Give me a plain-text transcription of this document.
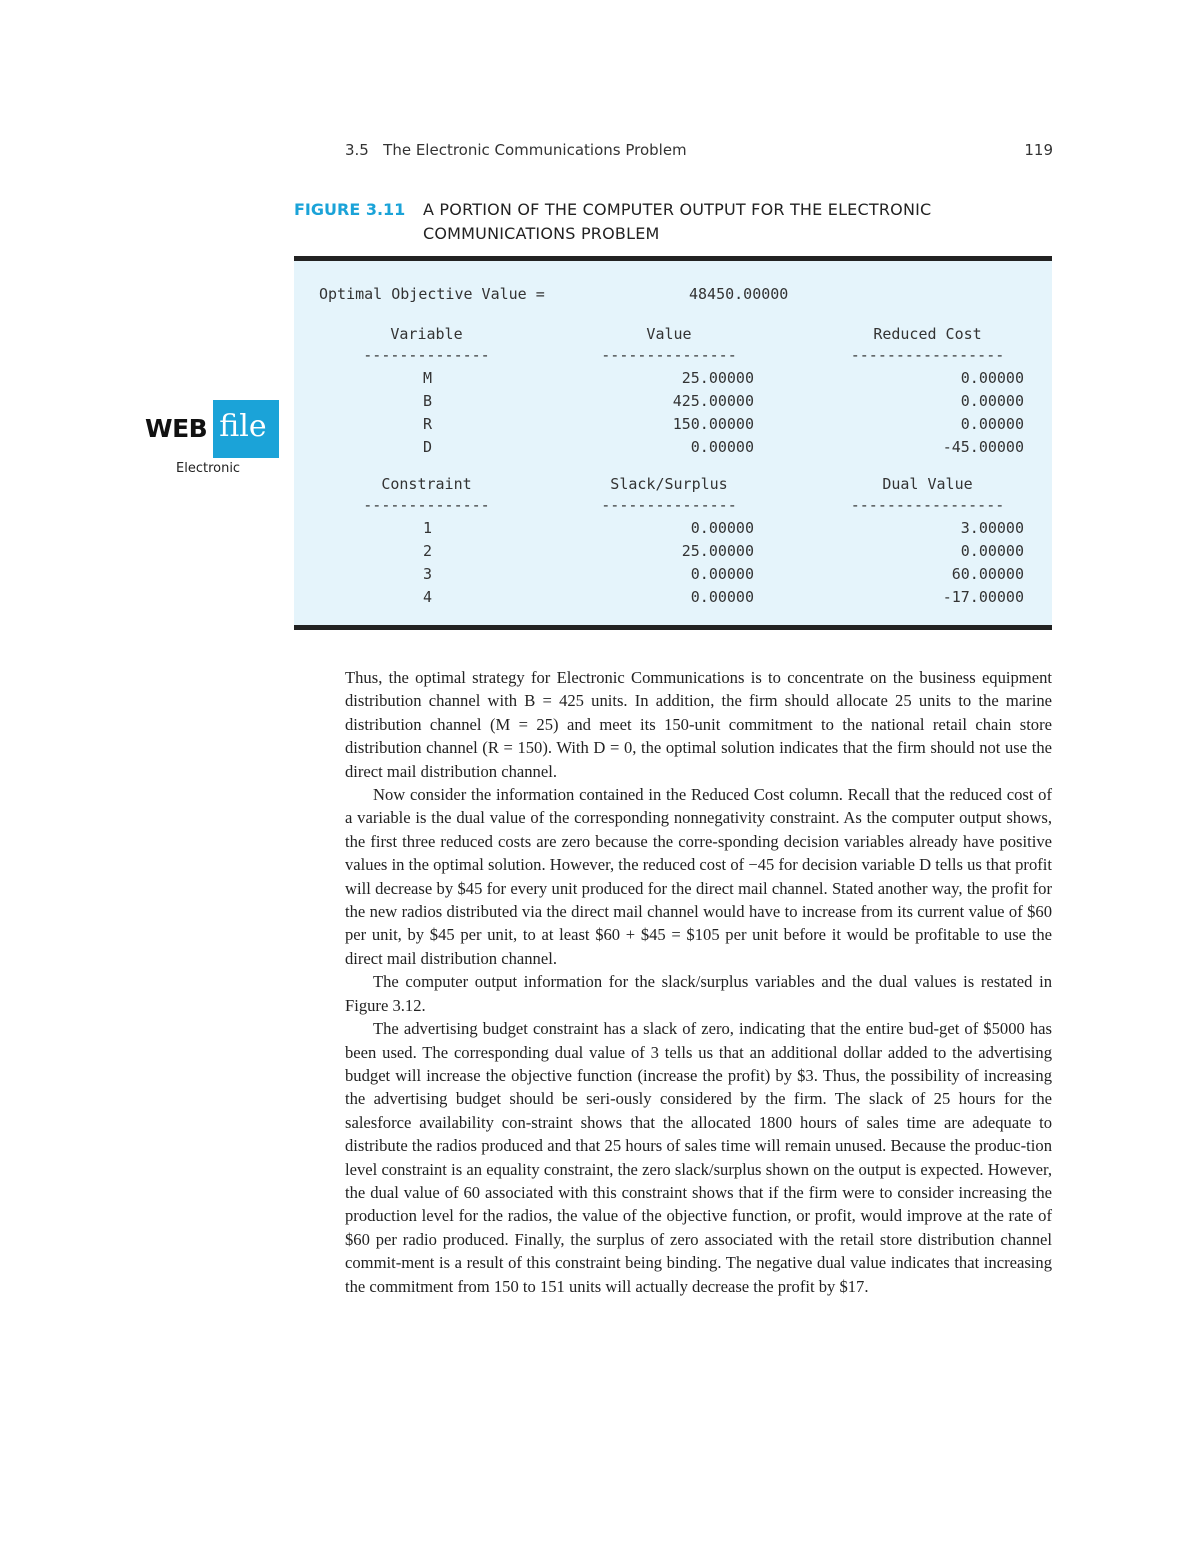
3.5   The Electronic Communications Problem	119
FIGURE 3.11 A PORTION OF THE COMPUTER OUTPUT FOR THE ELECTRONIC COMMUNICATIONS PROBLEM
WEB file
Electronic
Optimal Objective Value =	48450.00000
Variable	Value	Reduced Cost
--------------	---------------	-----------------
M	25.00000	0.00000
B	425.00000	0.00000
R	150.00000	0.00000
D	0.00000	-45.00000
Constraint	Slack/Surplus	Dual Value
--------------	---------------	-----------------
1	0.00000	3.00000
2	25.00000	0.00000
3	0.00000	60.00000
4	0.00000	-17.00000

Thus, the optimal strategy for Electronic Communications is to concentrate on the business equipment distribution channel with B = 425 units. In addition, the firm should allocate 25 units to the marine distribution channel (M = 25) and meet its 150-unit commitment to the national retail chain store distribution channel (R = 150). With D = 0, the optimal solution indicates that the firm should not use the direct mail distribution channel.

Now consider the information contained in the Reduced Cost column. Recall that the reduced cost of a variable is the dual value of the corresponding nonnegativity constraint. As the computer output shows, the first three reduced costs are zero because the corre-sponding decision variables already have positive values in the optimal solution. However, the reduced cost of −45 for decision variable D tells us that profit will decrease by $45 for every unit produced for the direct mail channel. Stated another way, the profit for the new radios distributed via the direct mail channel would have to increase from its current value of $60 per unit, by $45 per unit, to at least $60 + $45 = $105 per unit before it would be profitable to use the direct mail distribution channel.

The computer output information for the slack/surplus variables and the dual values is restated in Figure 3.12.

The advertising budget constraint has a slack of zero, indicating that the entire bud-get of $5000 has been used. The corresponding dual value of 3 tells us that an additional dollar added to the advertising budget will increase the objective function (increase the profit) by $3. Thus, the possibility of increasing the advertising budget should be seri-ously considered by the firm. The slack of 25 hours for the salesforce availability con-straint shows that the allocated 1800 hours of sales time are adequate to distribute the radios produced and that 25 hours of sales time will remain unused. Because the produc-tion level constraint is an equality constraint, the zero slack/surplus shown on the output is expected. However, the dual value of 60 associated with this constraint shows that if the firm were to consider increasing the production level for the radios, the value of the objective function, or profit, would improve at the rate of $60 per radio produced. Finally, the surplus of zero associated with the retail store distribution channel commit-ment is a result of this constraint being binding. The negative dual value indicates that increasing the commitment from 150 to 151 units will actually decrease the profit by $17.
